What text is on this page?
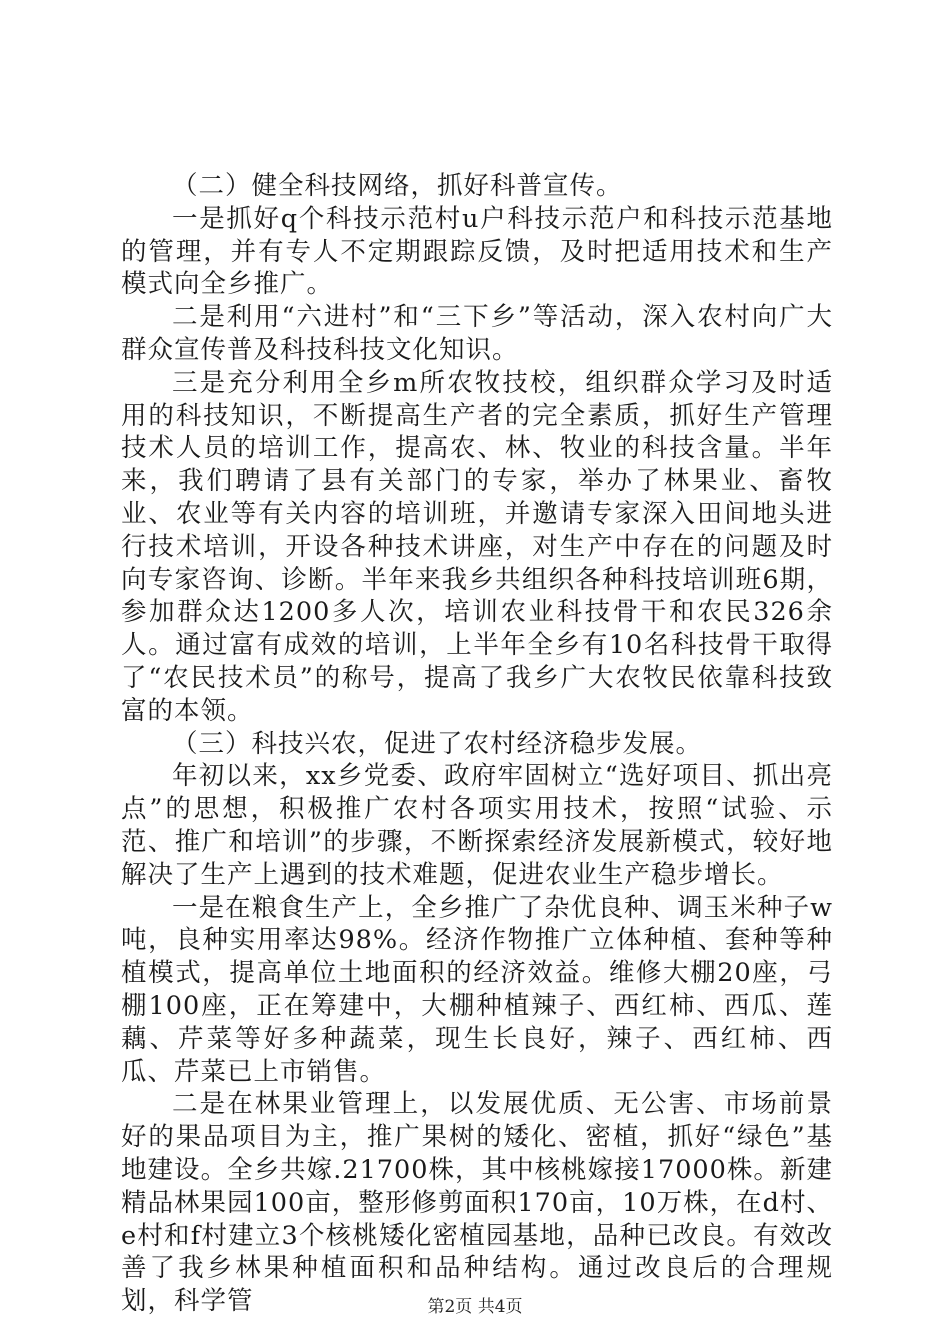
（二）健全科技网络，抓好科普宣传。

一是抓好q个科技示范村u户科技示范户和科技示范基地的管理，并有专人不定期跟踪反馈，及时把适用技术和生产模式向全乡推广。

二是利用“六进村”和“三下乡”等活动，深入农村向广大群众宣传普及科技科技文化知识。

三是充分利用全乡m所农牧技校，组织群众学习及时适用的科技知识，不断提高生产者的完全素质，抓好生产管理技术人员的培训工作，提高农、林、牧业的科技含量。半年来，我们聘请了县有关部门的专家，举办了林果业、畜牧业、农业等有关内容的培训班，并邀请专家深入田间地头进行技术培训，开设各种技术讲座，对生产中存在的问题及时向专家咨询、诊断。半年来我乡共组织各种科技培训班6期，参加群众达1200多人次，培训农业科技骨干和农民326余人。通过富有成效的培训，上半年全乡有10名科技骨干取得了“农民技术员”的称号，提高了我乡广大农牧民依靠科技致富的本领。

（三）科技兴农，促进了农村经济稳步发展。

年初以来，xx乡党委、政府牢固树立“选好项目、抓出亮点”的思想，积极推广农村各项实用技术，按照“试验、示范、推广和培训”的步骤，不断探索经济发展新模式，较好地解决了生产上遇到的技术难题，促进农业生产稳步增长。

一是在粮食生产上，全乡推广了杂优良种、调玉米种子w吨，良种实用率达98%。经济作物推广立体种植、套种等种植模式，提高单位土地面积的经济效益。维修大棚20座，弓棚100座，正在筹建中，大棚种植辣子、西红柿、西瓜、莲藕、芹菜等好多种蔬菜，现生长良好，辣子、西红柿、西瓜、芹菜已上市销售。

二是在林果业管理上，以发展优质、无公害、市场前景好的果品项目为主，推广果树的矮化、密植，抓好“绿色”基地建设。全乡共嫁.21700株，其中核桃嫁接17000株。新建精品林果园100亩，整形修剪面积170亩，10万株，在d村、e村和f村建立3个核桃矮化密植园基地，品种已改良。有效改善了我乡林果种植面积和品种结构。通过改良后的合理规划，科学管	第2页 共4页
